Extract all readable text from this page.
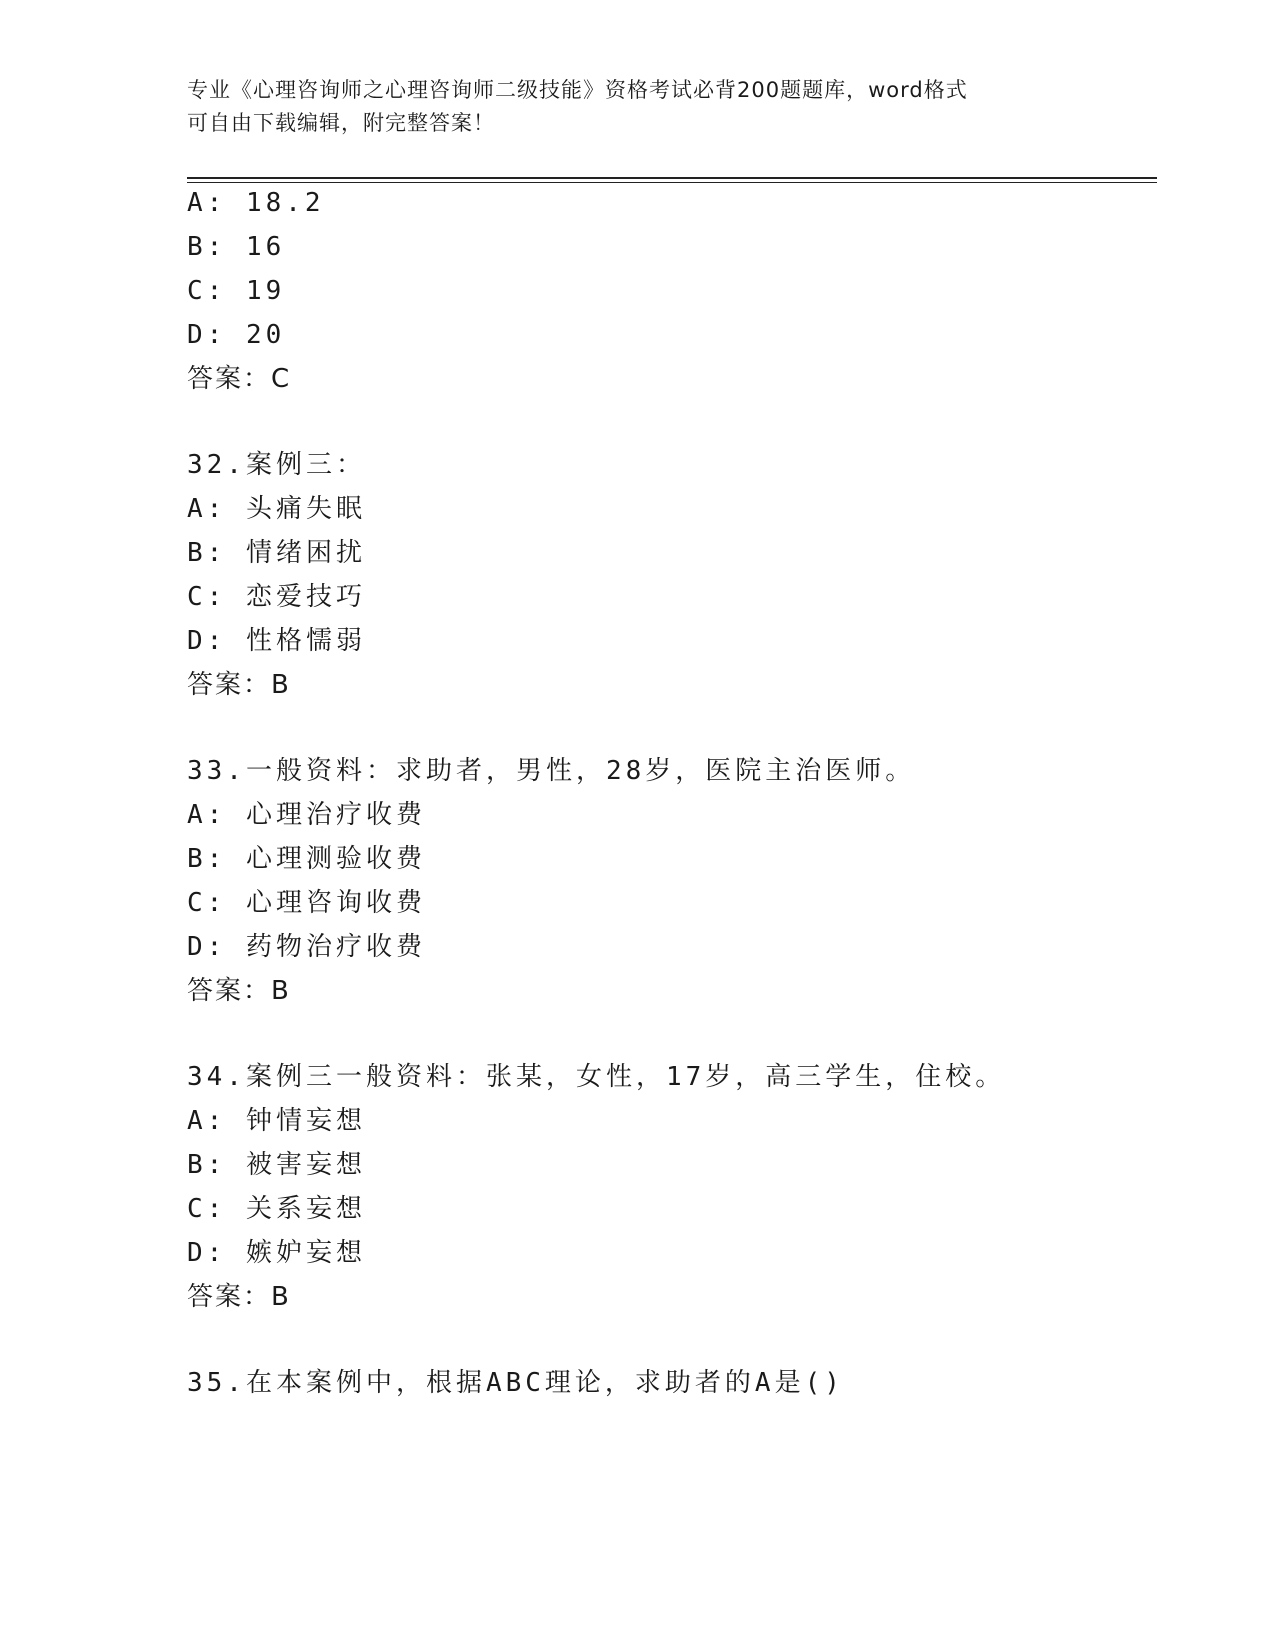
专业《心理咨询师之心理咨询师二级技能》资格考试必背200题题库，word格式
可自由下载编辑，附完整答案！
A: 18.2
B: 16
C: 19
D: 20
答案：C
32.案例三：
A: 头痛失眠
B: 情绪困扰
C: 恋爱技巧
D: 性格懦弱
答案：B
33.一般资料：求助者，男性，28岁，医院主治医师。
A: 心理治疗收费
B: 心理测验收费
C: 心理咨询收费
D: 药物治疗收费
答案：B
34.案例三一般资料：张某，女性，17岁，高三学生，住校。
A: 钟情妄想
B: 被害妄想
C: 关系妄想
D: 嫉妒妄想
答案：B
35.在本案例中，根据ABC理论，求助者的A是()
